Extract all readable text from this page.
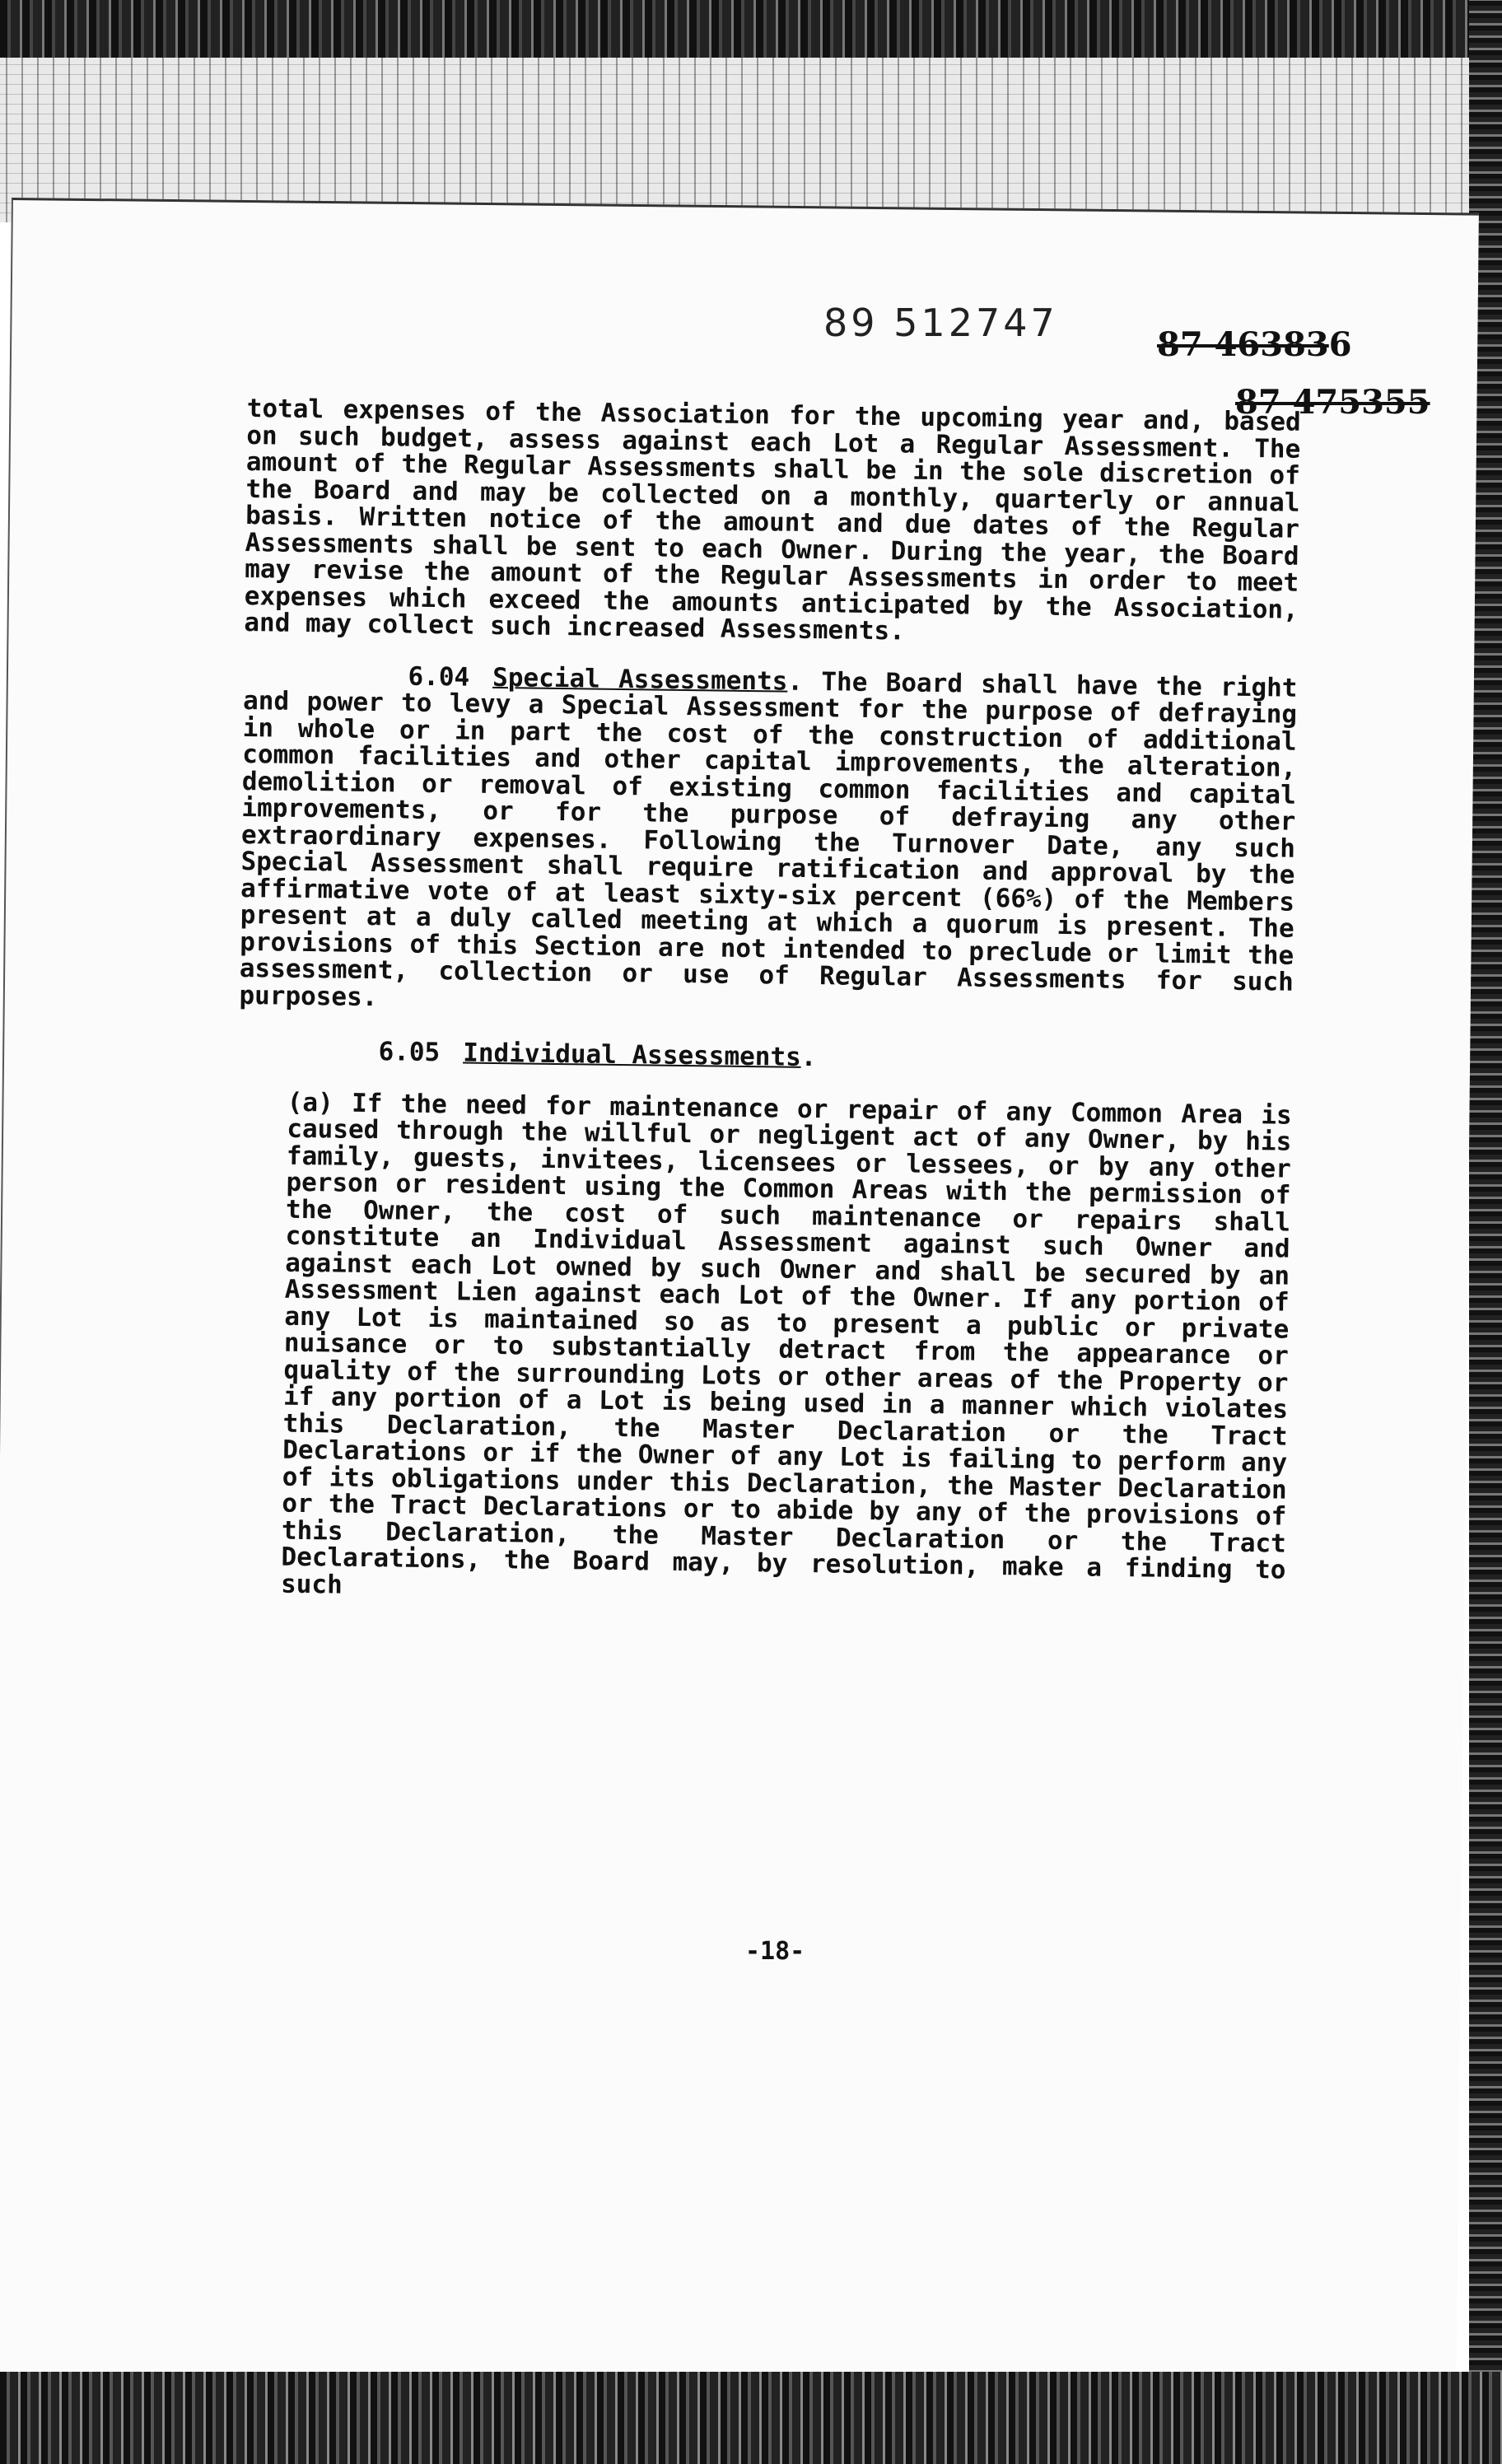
89 512747	87 463836
87 475355

total expenses of the Association for the upcoming year and, based on such budget, assess against each Lot a Regular Assessment. The amount of the Regular Assessments shall be in the sole discretion of the Board and may be collected on a monthly, quarterly or annual basis. Written notice of the amount and due dates of the Regular Assessments shall be sent to each Owner. During the year, the Board may revise the amount of the Regular Assessments in order to meet expenses which exceed the amounts anticipated by the Association, and may collect such increased Assessments.

6.04 Special Assessments. The Board shall have the right and power to levy a Special Assessment for the purpose of defraying in whole or in part the cost of the construction of additional common facilities and other capital improvements, the alteration, demolition or removal of existing common facilities and capital improvements, or for the purpose of defraying any other extraordinary expenses. Following the Turnover Date, any such Special Assessment shall require ratification and approval by the affirmative vote of at least sixty-six percent (66%) of the Members present at a duly called meeting at which a quorum is present. The provisions of this Section are not intended to preclude or limit the assessment, collection or use of Regular Assessments for such purposes.

6.05 Individual Assessments.

(a) If the need for maintenance or repair of any Common Area is caused through the willful or negligent act of any Owner, by his family, guests, invitees, licensees or lessees, or by any other person or resident using the Common Areas with the permission of the Owner, the cost of such maintenance or repairs shall constitute an Individual Assessment against such Owner and against each Lot owned by such Owner and shall be secured by an Assessment Lien against each Lot of the Owner. If any portion of any Lot is maintained so as to present a public or private nuisance or to substantially detract from the appearance or quality of the surrounding Lots or other areas of the Property or if any portion of a Lot is being used in a manner which violates this Declaration, the Master Declaration or the Tract Declarations or if the Owner of any Lot is failing to perform any of its obligations under this Declaration, the Master Declaration or the Tract Declarations or to abide by any of the provisions of this Declaration, the Master Declaration or the Tract Declarations, the Board may, by resolution, make a finding to such

-18-
